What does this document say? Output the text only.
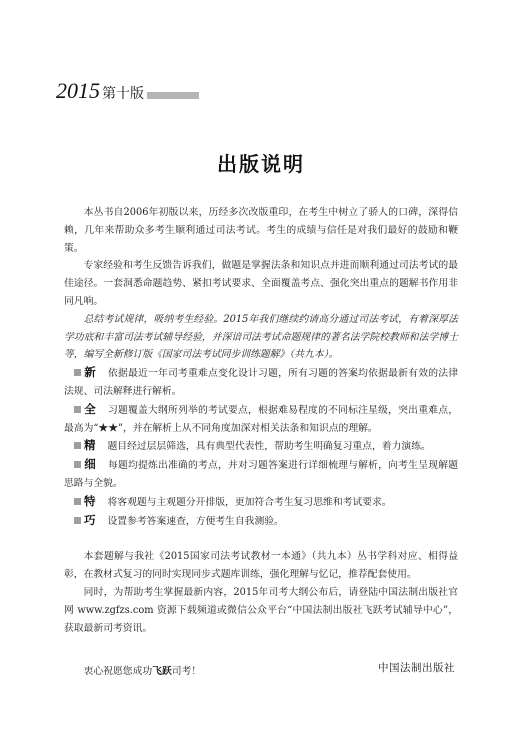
2015 第十版
出版说明

本丛书自2006年初版以来，历经多次改版重印，在考生中树立了骄人的口碑，深得信赖，几年来帮助众多考生顺利通过司法考试。考生的成绩与信任是对我们最好的鼓励和鞭策。

专家经验和考生反馈告诉我们，做题是掌握法条和知识点并进而顺利通过司法考试的最佳途径。一套洞悉命题趋势、紧扣考试要求、全面覆盖考点、强化突出重点的题解书作用非同凡响。

总结考试规律，吸纳考生经验。2015年我们继续约请高分通过司法考试，有着深厚法学功底和丰富司法考试辅导经验，并深谙司法考试命题规律的著名法学院校教师和法学博士等，编写全新修订版《国家司法考试同步训练题解》（共九本）。

新 依据最近一年司考重难点变化设计习题，所有习题的答案均依据最新有效的法律法规、司法解释进行解析。

全 习题覆盖大纲所列举的考试要点，根据难易程度的不同标注星级，突出重难点，最高为“★★”，并在解析上从不同角度加深对相关法条和知识点的理解。

精 题目经过层层筛选，具有典型代表性，帮助考生明确复习重点，着力演练。

细 每题均提炼出准确的考点，并对习题答案进行详细梳理与解析，向考生呈现解题思路与全貌。

特 将客观题与主观题分开排版，更加符合考生复习思维和考试要求。

巧 设置参考答案速查，方便考生自我测验。

本套题解与我社《2015国家司法考试教材一本通》（共九本）丛书学科对应、相得益彰，在教材式复习的同时实现同步式题库训练，强化理解与忆记，推荐配套使用。

同时，为帮助考生掌握最新内容，2015年司考大纲公布后，请登陆中国法制出版社官网 www.zgfzs.com 资源下载频道或微信公众平台“中国法制出版社飞跃考试辅导中心”，获取最新司考资讯。

衷心祝愿您成功飞跃司考！	中国法制出版社
